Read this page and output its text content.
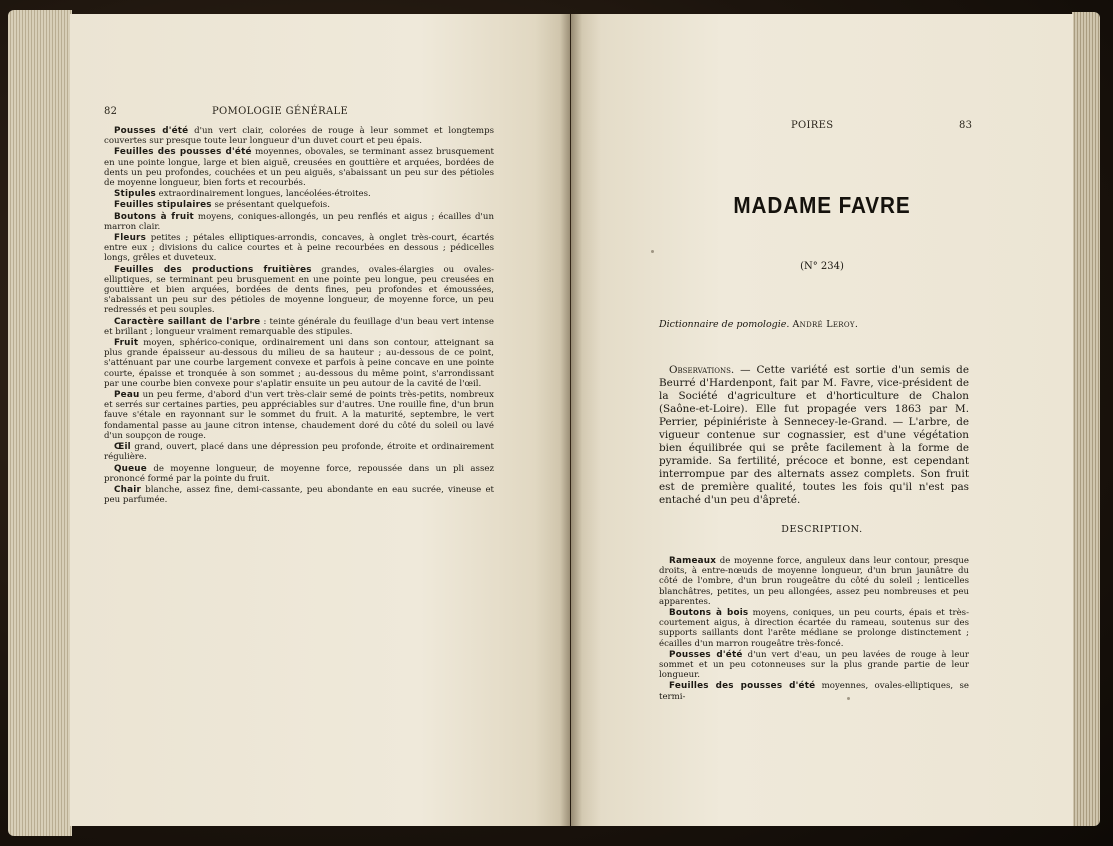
POIRES	83
MADAME FAVRE
(N° 234)
Dictionnaire de pomologie. André Leroy.
Observations. — Cette variété est sortie d'un semis de Beurré d'Hardenpont, fait par M. Favre, vice-président de la Société d'agriculture et d'horticulture de Chalon (Saône-et-Loire). Elle fut propagée vers 1863 par M. Perrier, pépiniériste à Sennecey-le-Grand. — L'arbre, de vigueur contenue sur cognassier, est d'une végétation bien équilibrée qui se prête facilement à la forme de pyramide. Sa fertilité, précoce et bonne, est cependant interrompue par des alternats assez complets. Son fruit est de première qualité, toutes les fois qu'il n'est pas entaché d'un peu d'âpreté.
DESCRIPTION.

Rameaux de moyenne force, anguleux dans leur contour, presque droits, à entre-nœuds de moyenne longueur, d'un brun jaunâtre du côté de l'ombre, d'un brun rougeâtre du côté du soleil ; lenticelles blanchâtres, petites, un peu allongées, assez peu nombreuses et peu apparentes.

Boutons à bois moyens, coniques, un peu courts, épais et très-courtement aigus, à direction écartée du rameau, soutenus sur des supports saillants dont l'arête médiane se prolonge distinctement ; écailles d'un marron rougeâtre très-foncé.

Pousses d'été d'un vert d'eau, un peu lavées de rouge à leur sommet et un peu cotonneuses sur la plus grande partie de leur longueur.

Feuilles des pousses d'été moyennes, ovales-elliptiques, se termi-

82	POMOLOGIE GÉNÉRALE

Pousses d'été d'un vert clair, colorées de rouge à leur sommet et longtemps couvertes sur presque toute leur longueur d'un duvet court et peu épais.

Feuilles des pousses d'été moyennes, obovales, se terminant assez brusquement en une pointe longue, large et bien aiguë, creusées en gouttière et arquées, bordées de dents un peu profondes, couchées et un peu aiguës, s'abaissant un peu sur des pétioles de moyenne longueur, bien forts et recourbés.

Stipules extraordinairement longues, lancéolées-étroites.

Feuilles stipulaires se présentant quelquefois.

Boutons à fruit moyens, coniques-allongés, un peu renflés et aigus ; écailles d'un marron clair.

Fleurs petites ; pétales elliptiques-arrondis, concaves, à onglet très-court, écartés entre eux ; divisions du calice courtes et à peine recourbées en dessous ; pédicelles longs, grêles et duveteux.

Feuilles des productions fruitières grandes, ovales-élargies ou ovales-elliptiques, se terminant peu brusquement en une pointe peu longue, peu creusées en gouttière et bien arquées, bordées de dents fines, peu profondes et émoussées, s'abaissant un peu sur des pétioles de moyenne longueur, de moyenne force, un peu redressés et peu souples.

Caractère saillant de l'arbre : teinte générale du feuillage d'un beau vert intense et brillant ; longueur vraiment remarquable des stipules.

Fruit moyen, sphérico-conique, ordinairement uni dans son contour, atteignant sa plus grande épaisseur au-dessous du milieu de sa hauteur ; au-dessous de ce point, s'atténuant par une courbe largement convexe et parfois à peine concave en une pointe courte, épaisse et tronquée à son sommet ; au-dessous du même point, s'arrondissant par une courbe bien convexe pour s'aplatir ensuite un peu autour de la cavité de l'œil.

Peau un peu ferme, d'abord d'un vert très-clair semé de points très-petits, nombreux et serrés sur certaines parties, peu appréciables sur d'autres. Une rouille fine, d'un brun fauve s'étale en rayonnant sur le sommet du fruit. A la maturité, septembre, le vert fondamental passe au jaune citron intense, chaudement doré du côté du soleil ou lavé d'un soupçon de rouge.

Œil grand, ouvert, placé dans une dépression peu profonde, étroite et ordinairement régulière.

Queue de moyenne longueur, de moyenne force, repoussée dans un pli assez prononcé formé par la pointe du fruit.

Chair blanche, assez fine, demi-cassante, peu abondante en eau sucrée, vineuse et peu parfumée.
